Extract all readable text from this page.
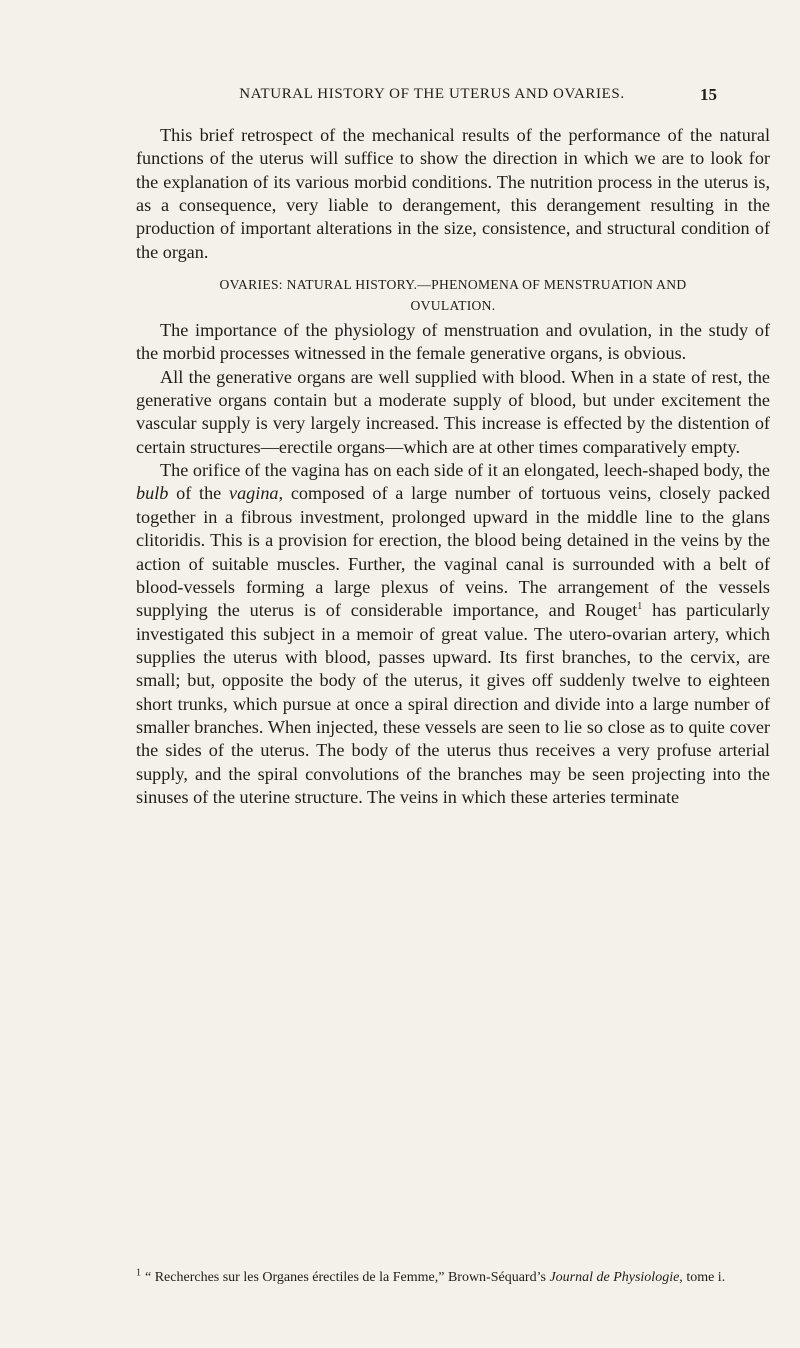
NATURAL HISTORY OF THE UTERUS AND OVARIES.	15

This brief retrospect of the mechanical results of the performance of the natural functions of the uterus will suffice to show the direction in which we are to look for the explanation of its various morbid conditions. The nutrition process in the uterus is, as a consequence, very liable to derangement, this derangement resulting in the production of important alterations in the size, consistence, and structural condition of the organ.

OVARIES: NATURAL HISTORY.—PHENOMENA OF MENSTRUATION AND
OVULATION.

The importance of the physiology of menstruation and ovulation, in the study of the morbid processes witnessed in the female generative organs, is obvious.

All the generative organs are well supplied with blood. When in a state of rest, the generative organs contain but a moderate supply of blood, but under excitement the vascular supply is very largely increased. This increase is effected by the distention of certain structures—erectile organs—which are at other times comparatively empty.

The orifice of the vagina has on each side of it an elongated, leech-shaped body, the bulb of the vagina, composed of a large number of tortuous veins, closely packed together in a fibrous investment, prolonged upward in the middle line to the glans clitoridis. This is a provision for erection, the blood being detained in the veins by the action of suitable muscles. Further, the vaginal canal is surrounded with a belt of blood-vessels forming a large plexus of veins. The arrangement of the vessels supplying the uterus is of considerable importance, and Rouget$^1$ has particularly investigated this subject in a memoir of great value. The utero-ovarian artery, which supplies the uterus with blood, passes upward. Its first branches, to the cervix, are small; but, opposite the body of the uterus, it gives off suddenly twelve to eighteen short trunks, which pursue at once a spiral direction and divide into a large number of smaller branches. When injected, these vessels are seen to lie so close as to quite cover the sides of the uterus. The body of the uterus thus receives a very profuse arterial supply, and the spiral convolutions of the branches may be seen projecting into the sinuses of the uterine structure. The veins in which these arteries terminate

$^1$ “ Recherches sur les Organes érectiles de la Femme,” Brown-Séquard’s Journal de Physiologie, tome i.
